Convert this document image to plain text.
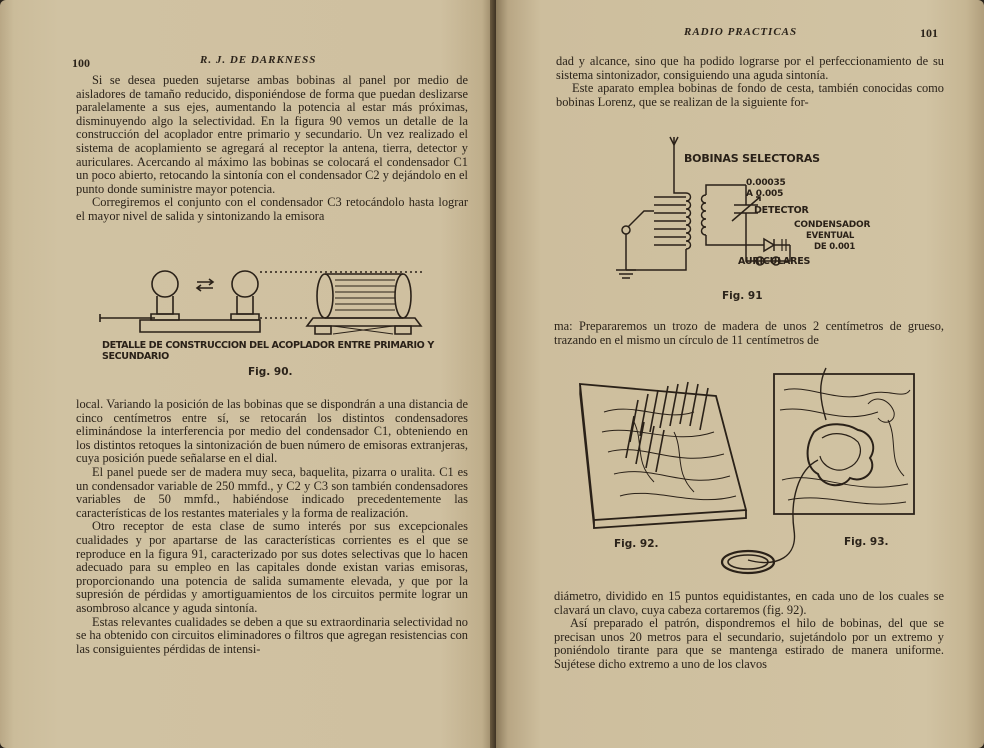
100	R. J. DE DARKNESS

Si se desea pueden sujetarse ambas bobinas al panel por medio de aisladores de tamaño reducido, disponiéndose de forma que puedan deslizarse paralelamente a sus ejes, aumentando la potencia al estar más próximas, disminuyendo algo la selectividad. En la figura 90 vemos un detalle de la construcción del acoplador entre primario y secundario. Un vez realizado el sistema de acoplamiento se agregará al receptor la antena, tierra, detector y auriculares. Acercando al máximo las bobinas se colocará el condensador C1 un poco abierto, retocando la sintonía con el condensador C2 y dejándolo en el punto donde suministre mayor potencia.

Corregiremos el conjunto con el condensador C3 retocándolo hasta lograr el mayor nivel de salida y sintonizando la emisora

DETALLE DE CONSTRUCCION DEL ACOPLADOR ENTRE PRIMARIO Y SECUNDARIO
Fig. 90.

local. Variando la posición de las bobinas que se dispondrán a una distancia de cinco centímetros entre sí, se retocarán los distintos condensadores eliminándose la interferencia por medio del condensador C1, obteniendo en los distintos retoques la sintonización de buen número de emisoras extranjeras, cuya posición puede señalarse en el dial.

El panel puede ser de madera muy seca, baquelita, pizarra o uralita. C1 es un condensador variable de 250 mmfd., y C2 y C3 son también condensadores variables de 50 mmfd., habiéndose indicado precedentemente las características de los restantes materiales y la forma de realización.

Otro receptor de esta clase de sumo interés por sus excepcionales cualidades y por apartarse de las características corrientes es el que se reproduce en la figura 91, caracterizado por sus dotes selectivas que lo hacen adecuado para su empleo en las capitales donde existan varias emisoras, proporcionando una potencia de salida sumamente elevada, y que por la supresión de pérdidas y amortiguamientos de los circuitos permite lograr un asombroso alcance y aguda sintonía.

Estas relevantes cualidades se deben a que su extraordinaria selectividad no se ha obtenido con circuitos eliminadores o filtros que agregan resistencias con las consiguientes pérdidas de intensi-

RADIO PRACTICAS	101

dad y alcance, sino que ha podido lograrse por el perfeccionamiento de su sistema sintonizador, consiguiendo una aguda sintonía.

Este aparato emplea bobinas de fondo de cesta, también conocidas como bobinas Lorenz, que se realizan de la siguiente for-

BOBINAS SELECTORAS
0.00035
A 0.005
DETECTOR
CONDENSADOR
EVENTUAL
DE 0.001
AURICULARES
Fig. 91

ma: Prepararemos un trozo de madera de unos 2 centímetros de grueso, trazando en el mismo un círculo de 11 centímetros de

Fig. 92.	Fig. 93.

diámetro, dividido en 15 puntos equidistantes, en cada uno de los cuales se clavará un clavo, cuya cabeza cortaremos (fig. 92).

Así preparado el patrón, dispondremos el hilo de bobinas, del que se precisan unos 20 metros para el secundario, sujetándolo por un extremo y poniéndolo tirante para que se mantenga estirado de manera uniforme. Sujétese dicho extremo a uno de los clavos
